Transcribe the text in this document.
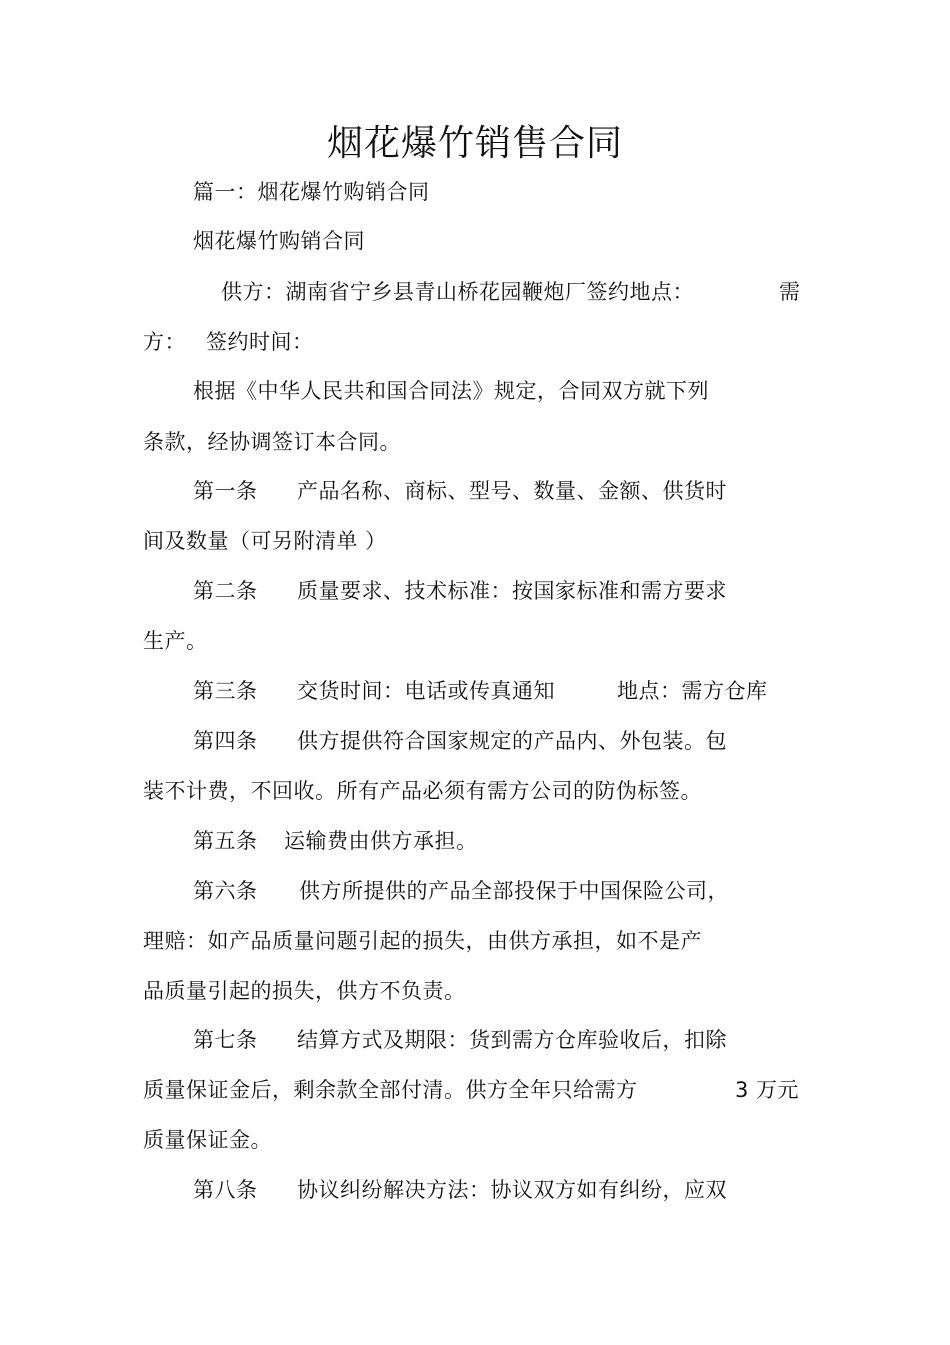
烟花爆竹销售合同
篇一：烟花爆竹购销合同
烟花爆竹购销合同
供方：湖南省宁乡县青山桥花园鞭炮厂签约地点：	需
方： 签约时间：
根据《中华人民共和国合同法》规定，合同双方就下列
条款，经协调签订本合同。
第一条 产品名称、商标、型号、数量、金额、供货时
间及数量（可另附清单 ）
第二条 质量要求、技术标准：按国家标准和需方要求
生产。
第三条 交货时间：电话或传真通知	地点：需方仓库
第四条 供方提供符合国家规定的产品内、外包装。包
装不计费，不回收。所有产品必须有需方公司的防伪标签。
第五条 运输费由供方承担。
第六条 供方所提供的产品全部投保于中国保险公司，
理赔：如产品质量问题引起的损失，由供方承担，如不是产
品质量引起的损失，供方不负责。
第七条 结算方式及期限：货到需方仓库验收后，扣除
质量保证金后，剩余款全部付清。供方全年只给需方	3 万元
质量保证金。
第八条 协议纠纷解决方法：协议双方如有纠纷，应双
